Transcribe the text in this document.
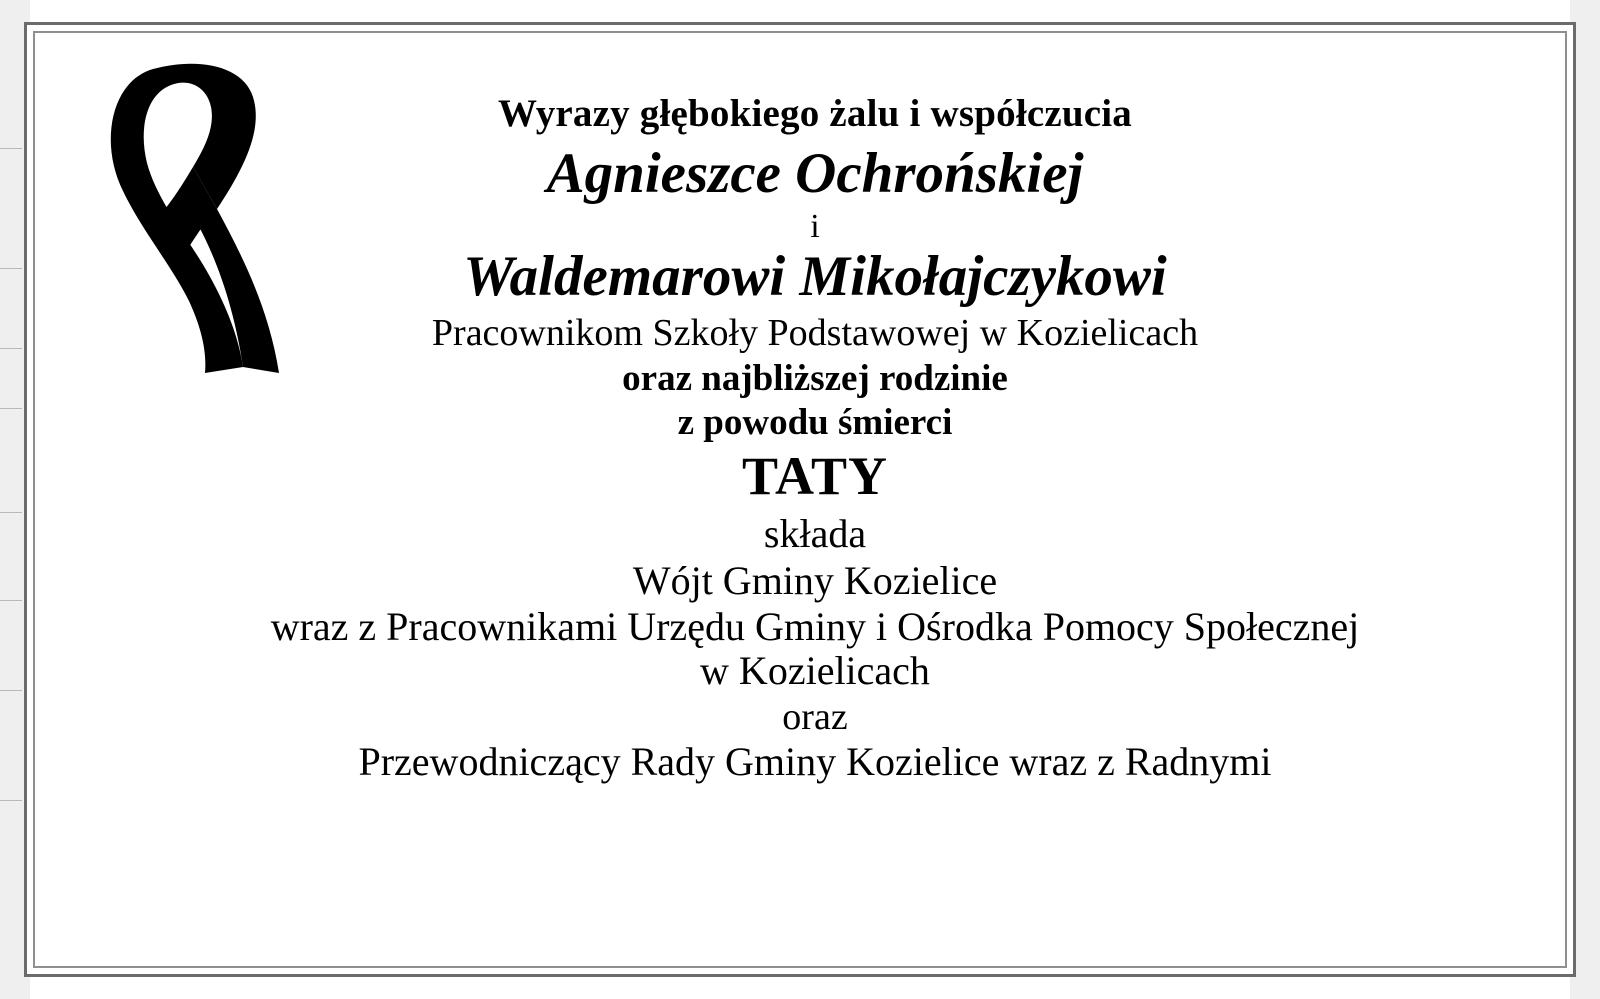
Wyrazy głębokiego żalu i współczucia
Agnieszce Ochrońskiej
i
Waldemarowi Mikołajczykowi
Pracownikom Szkoły Podstawowej w Kozielicach
oraz najbliższej rodzinie
z powodu śmierci
TATY
składa
Wójt Gminy Kozielice
wraz z Pracownikami Urzędu Gminy i Ośrodka Pomocy Społecznej
w Kozielicach
oraz
Przewodniczący Rady Gminy Kozielice wraz z Radnymi
